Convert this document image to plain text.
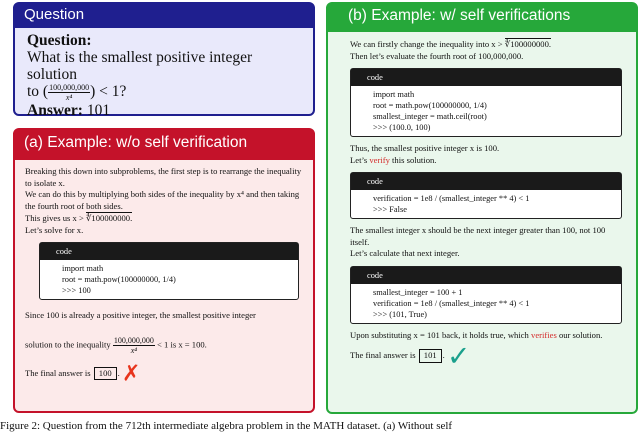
Question
Question:
What is the smallest positive integer solution
to ( $\frac{100,000,000}{\text{x⁴}}$ ) < 1?
Answer: 101
(a) Example: w/o self verification

Breaking this down into subproblems, the first step is to rearrange the inequality to isolate x.

We can do this by multiplying both sides of the inequality by x⁴ and then taking the fourth root of both sides.

This gives us x > ∜100000000.

Let’s solve for x.

code
import math
root = math.pow(100000000, 1/4)
>>> 100

Since 100 is already a positive integer, the smallest positive integer

solution to the inequality $\frac{100,000,000}{\text{x⁴}} < 1$ is x = 100.

The final answer is 100 . ✗

(b) Example: w/ self verifications

We can firstly change the inequality into x > ∜100000000.

Then let’s evaluate the fourth root of 100,000,000.

code
import math
root = math.pow(100000000, 1/4)
smallest_integer = math.ceil(root)
>>> (100.0, 100)

Thus, the smallest positive integer x is 100.

Let’s verify this solution.

code
verification = 1e8 / (smallest_integer ** 4) < 1
>>> False

The smallest integer x should be the next integer greater than 100, not 100 itself.

Let’s calculate that next integer.

code
smallest_integer = 100 + 1
verification = 1e8 / (smallest_integer ** 4) < 1
>>> (101, True)

Upon substituting x = 101 back, it holds true, which verifies our solution.

The final answer is 101 . ✓

Figure 2: Question from the 712th intermediate algebra problem in the MATH dataset. (a) Without self
